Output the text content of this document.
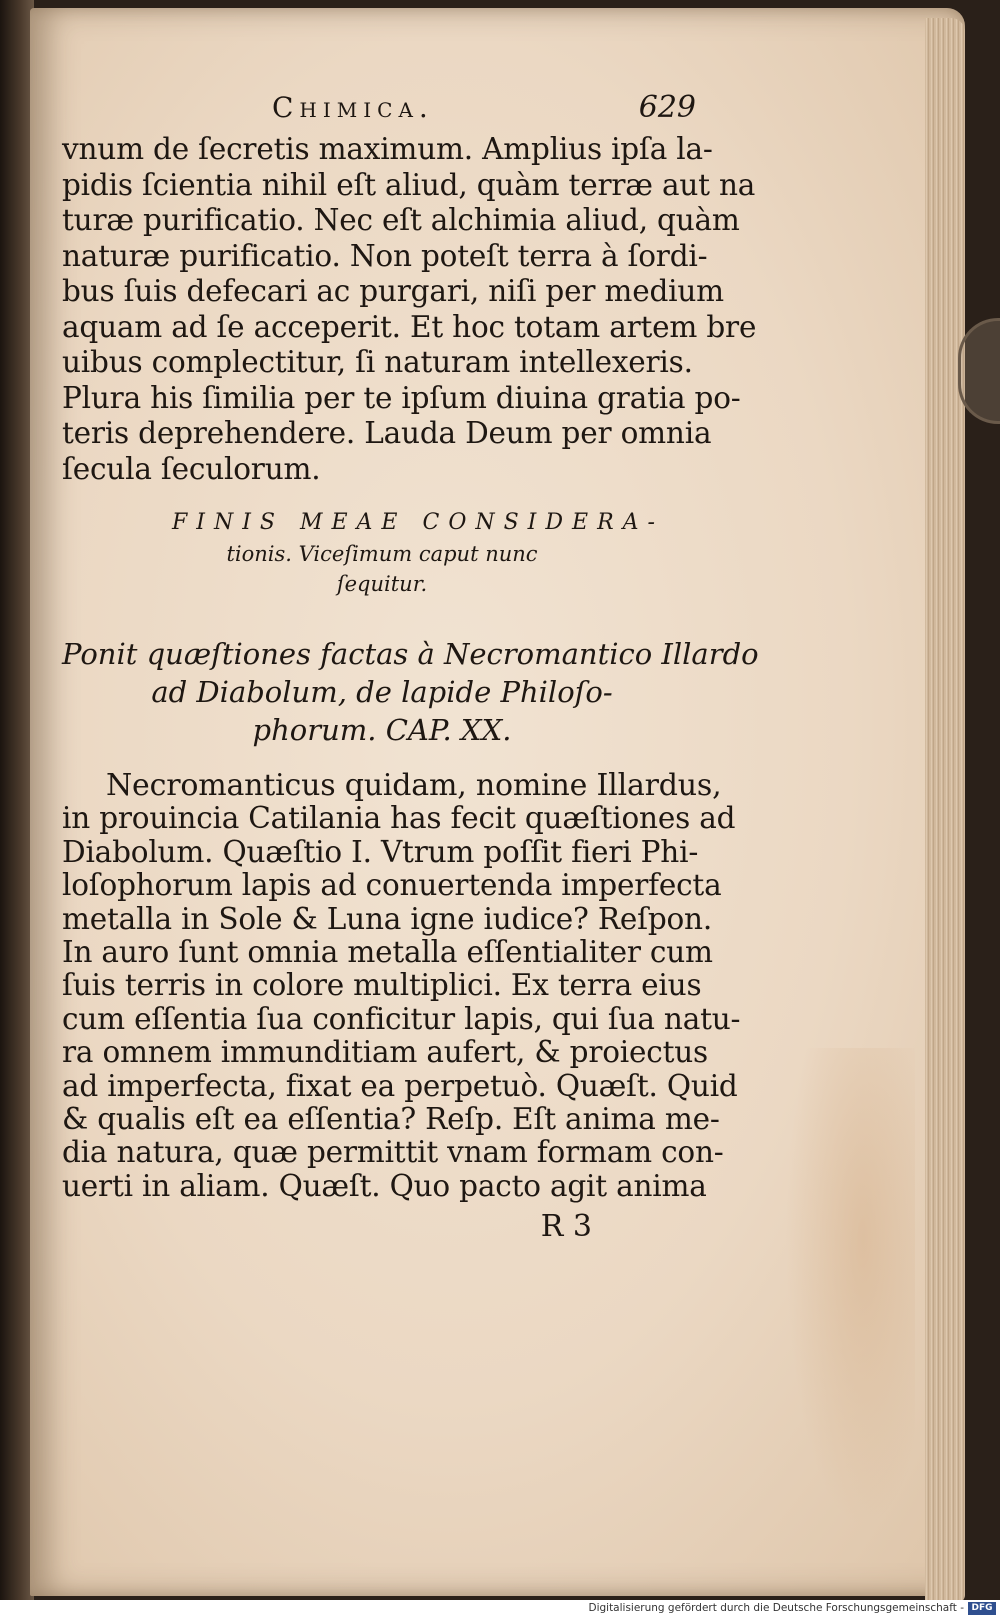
Chimica.	629

vnum de ſecretis maximum. Amplius ipſa la-

pidis ſcientia nihil eſt aliud, quàm terræ aut na

turæ purificatio. Nec eſt alchimia aliud, quàm

naturæ purificatio. Non poteſt terra à ſordi-

bus ſuis defecari ac purgari, niſi per medium

aquam ad ſe acceperit. Et hoc totam artem bre

uibus complectitur, ſi naturam intellexeris.

Plura his ſimilia per te ipſum diuina gratia po-

teris deprehendere. Lauda Deum per omnia

ſecula ſeculorum.

FINIS MEAE CONSIDERA-

tionis. Viceſimum caput nunc

ſequitur.

Ponit quæſtiones factas à Necromantico Illardo

ad Diabolum, de lapide Philoſo-

phorum. CAP. XX.

Necromanticus quidam, nomine Illardus,

in prouincia Catilania has fecit quæſtiones ad

Diabolum. Quæſtio I. Vtrum poſſit fieri Phi-

loſophorum lapis ad conuertenda imperfecta

metalla in Sole & Luna igne iudice? Reſpon.

In auro ſunt omnia metalla eſſentialiter cum

ſuis terris in colore multiplici. Ex terra eius

cum eſſentia ſua conficitur lapis, qui ſua natu-

ra omnem immunditiam aufert, & proiectus

ad imperfecta, fixat ea perpetuò. Quæſt. Quid

& qualis eſt ea eſſentia? Reſp. Eſt anima me-

dia natura, quæ permittit vnam formam con-

uerti in aliam. Quæſt. Quo pacto agit anima

R 3
Digitalisierung gefördert durch die Deutsche Forschungsgemeinschaft - DFG
